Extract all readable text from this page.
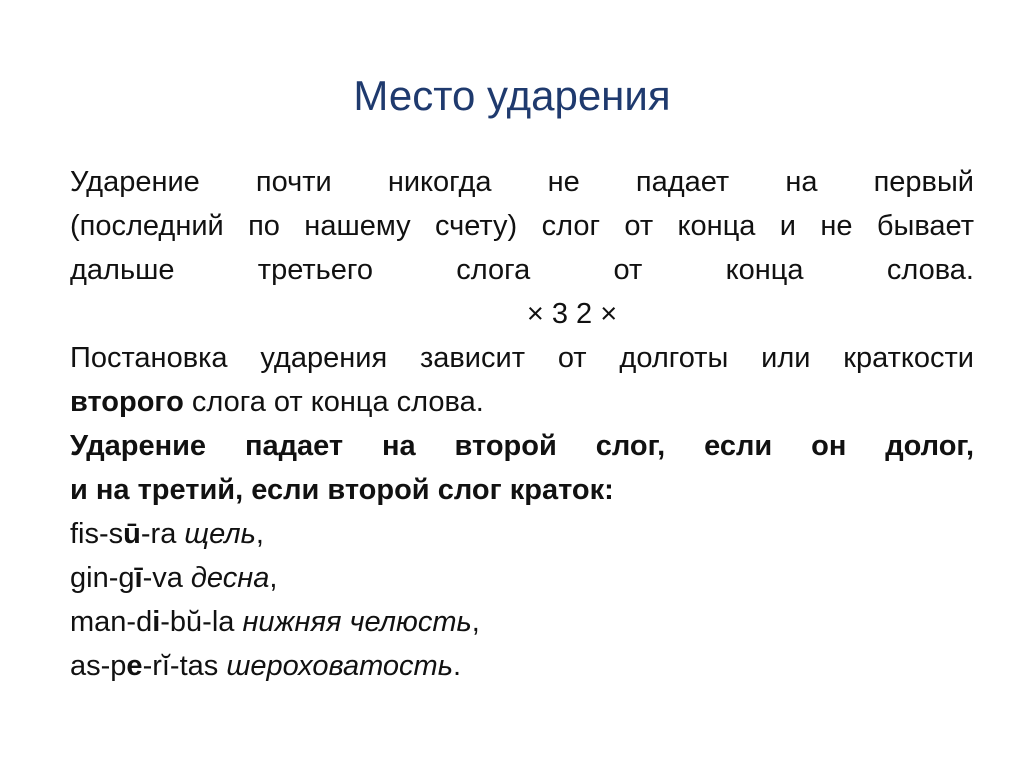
Место ударения

Ударение почти никогда не падает на первый

(последний по нашему счету) слог от конца и не бывает

дальше третьего слога от конца слова.

× 3 2 ×

Постановка ударения зависит от долготы или краткости

второго слога от конца слова.

Ударение падает на второй слог, если он долог,

и на третий, если второй слог краток:

fis-sū-ra щель,

gin-gī-va десна,

man-di-bŭ-la нижняя челюсть,

as-pe-rĭ-tas шероховатость.
